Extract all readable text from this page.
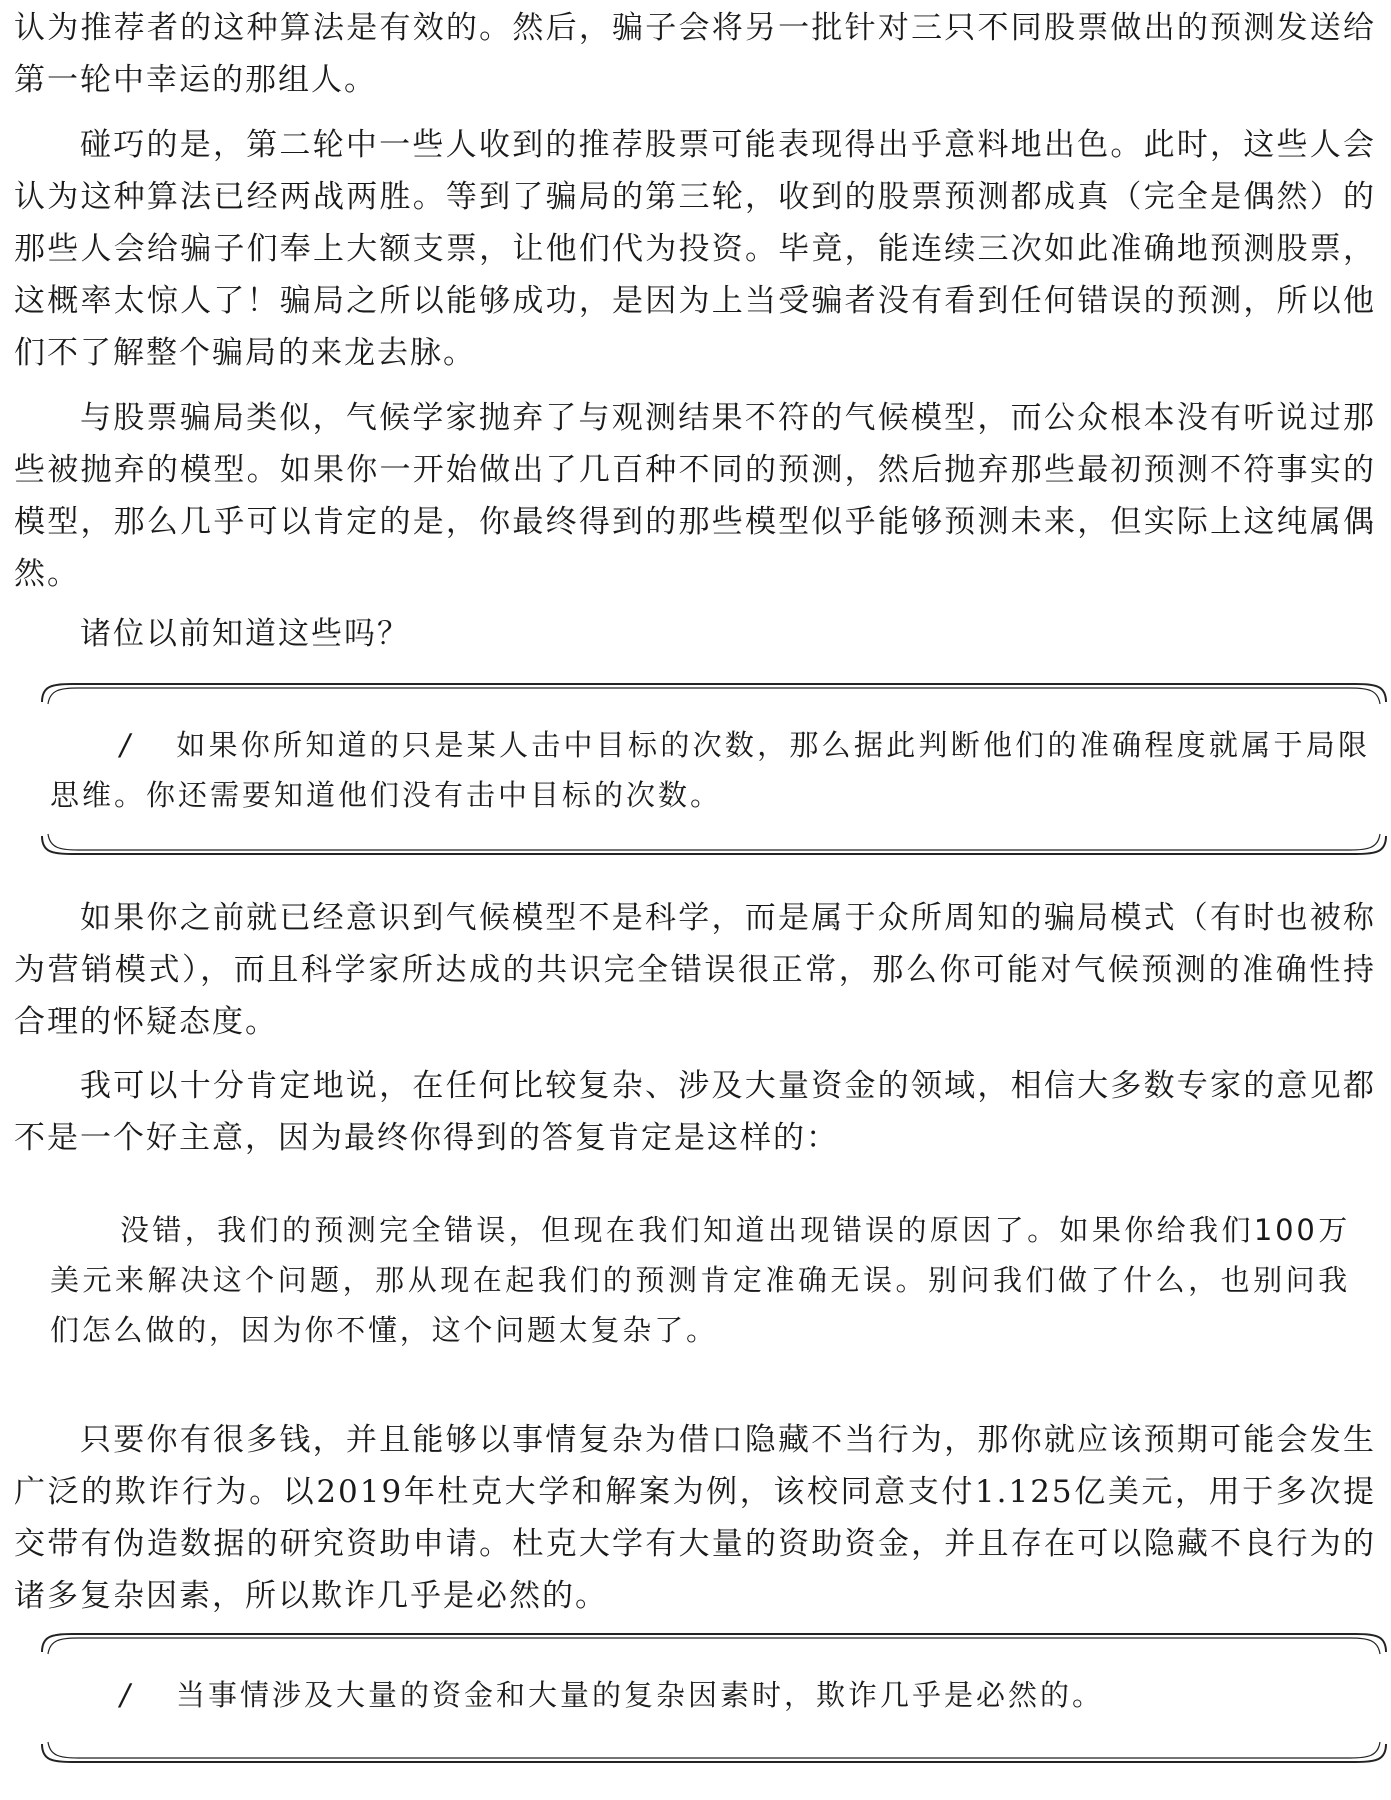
认为推荐者的这种算法是有效的。然后，骗子会将另一批针对三只不同股票做出的预测发送给第一轮中幸运的那组人。

碰巧的是，第二轮中一些人收到的推荐股票可能表现得出乎意料地出色。此时，这些人会认为这种算法已经两战两胜。等到了骗局的第三轮，收到的股票预测都成真（完全是偶然）的那些人会给骗子们奉上大额支票，让他们代为投资。毕竟，能连续三次如此准确地预测股票，这概率太惊人了！骗局之所以能够成功，是因为上当受骗者没有看到任何错误的预测，所以他们不了解整个骗局的来龙去脉。

与股票骗局类似，气候学家抛弃了与观测结果不符的气候模型，而公众根本没有听说过那些被抛弃的模型。如果你一开始做出了几百种不同的预测，然后抛弃那些最初预测不符事实的模型，那么几乎可以肯定的是，你最终得到的那些模型似乎能够预测未来，但实际上这纯属偶然。

诸位以前知道这些吗？

/ 如果你所知道的只是某人击中目标的次数，那么据此判断他们的准确程度就属于局限思维。你还需要知道他们没有击中目标的次数。

如果你之前就已经意识到气候模型不是科学，而是属于众所周知的骗局模式（有时也被称为营销模式），而且科学家所达成的共识完全错误很正常，那么你可能对气候预测的准确性持合理的怀疑态度。

我可以十分肯定地说，在任何比较复杂、涉及大量资金的领域，相信大多数专家的意见都不是一个好主意，因为最终你得到的答复肯定是这样的：

没错，我们的预测完全错误，但现在我们知道出现错误的原因了。如果你给我们100万美元来解决这个问题，那从现在起我们的预测肯定准确无误。别问我们做了什么，也别问我们怎么做的，因为你不懂，这个问题太复杂了。

只要你有很多钱，并且能够以事情复杂为借口隐藏不当行为，那你就应该预期可能会发生广泛的欺诈行为。以2019年杜克大学和解案为例，该校同意支付1.125亿美元，用于多次提交带有伪造数据的研究资助申请。杜克大学有大量的资助资金，并且存在可以隐藏不良行为的诸多复杂因素，所以欺诈几乎是必然的。

/ 当事情涉及大量的资金和大量的复杂因素时，欺诈几乎是必然的。
